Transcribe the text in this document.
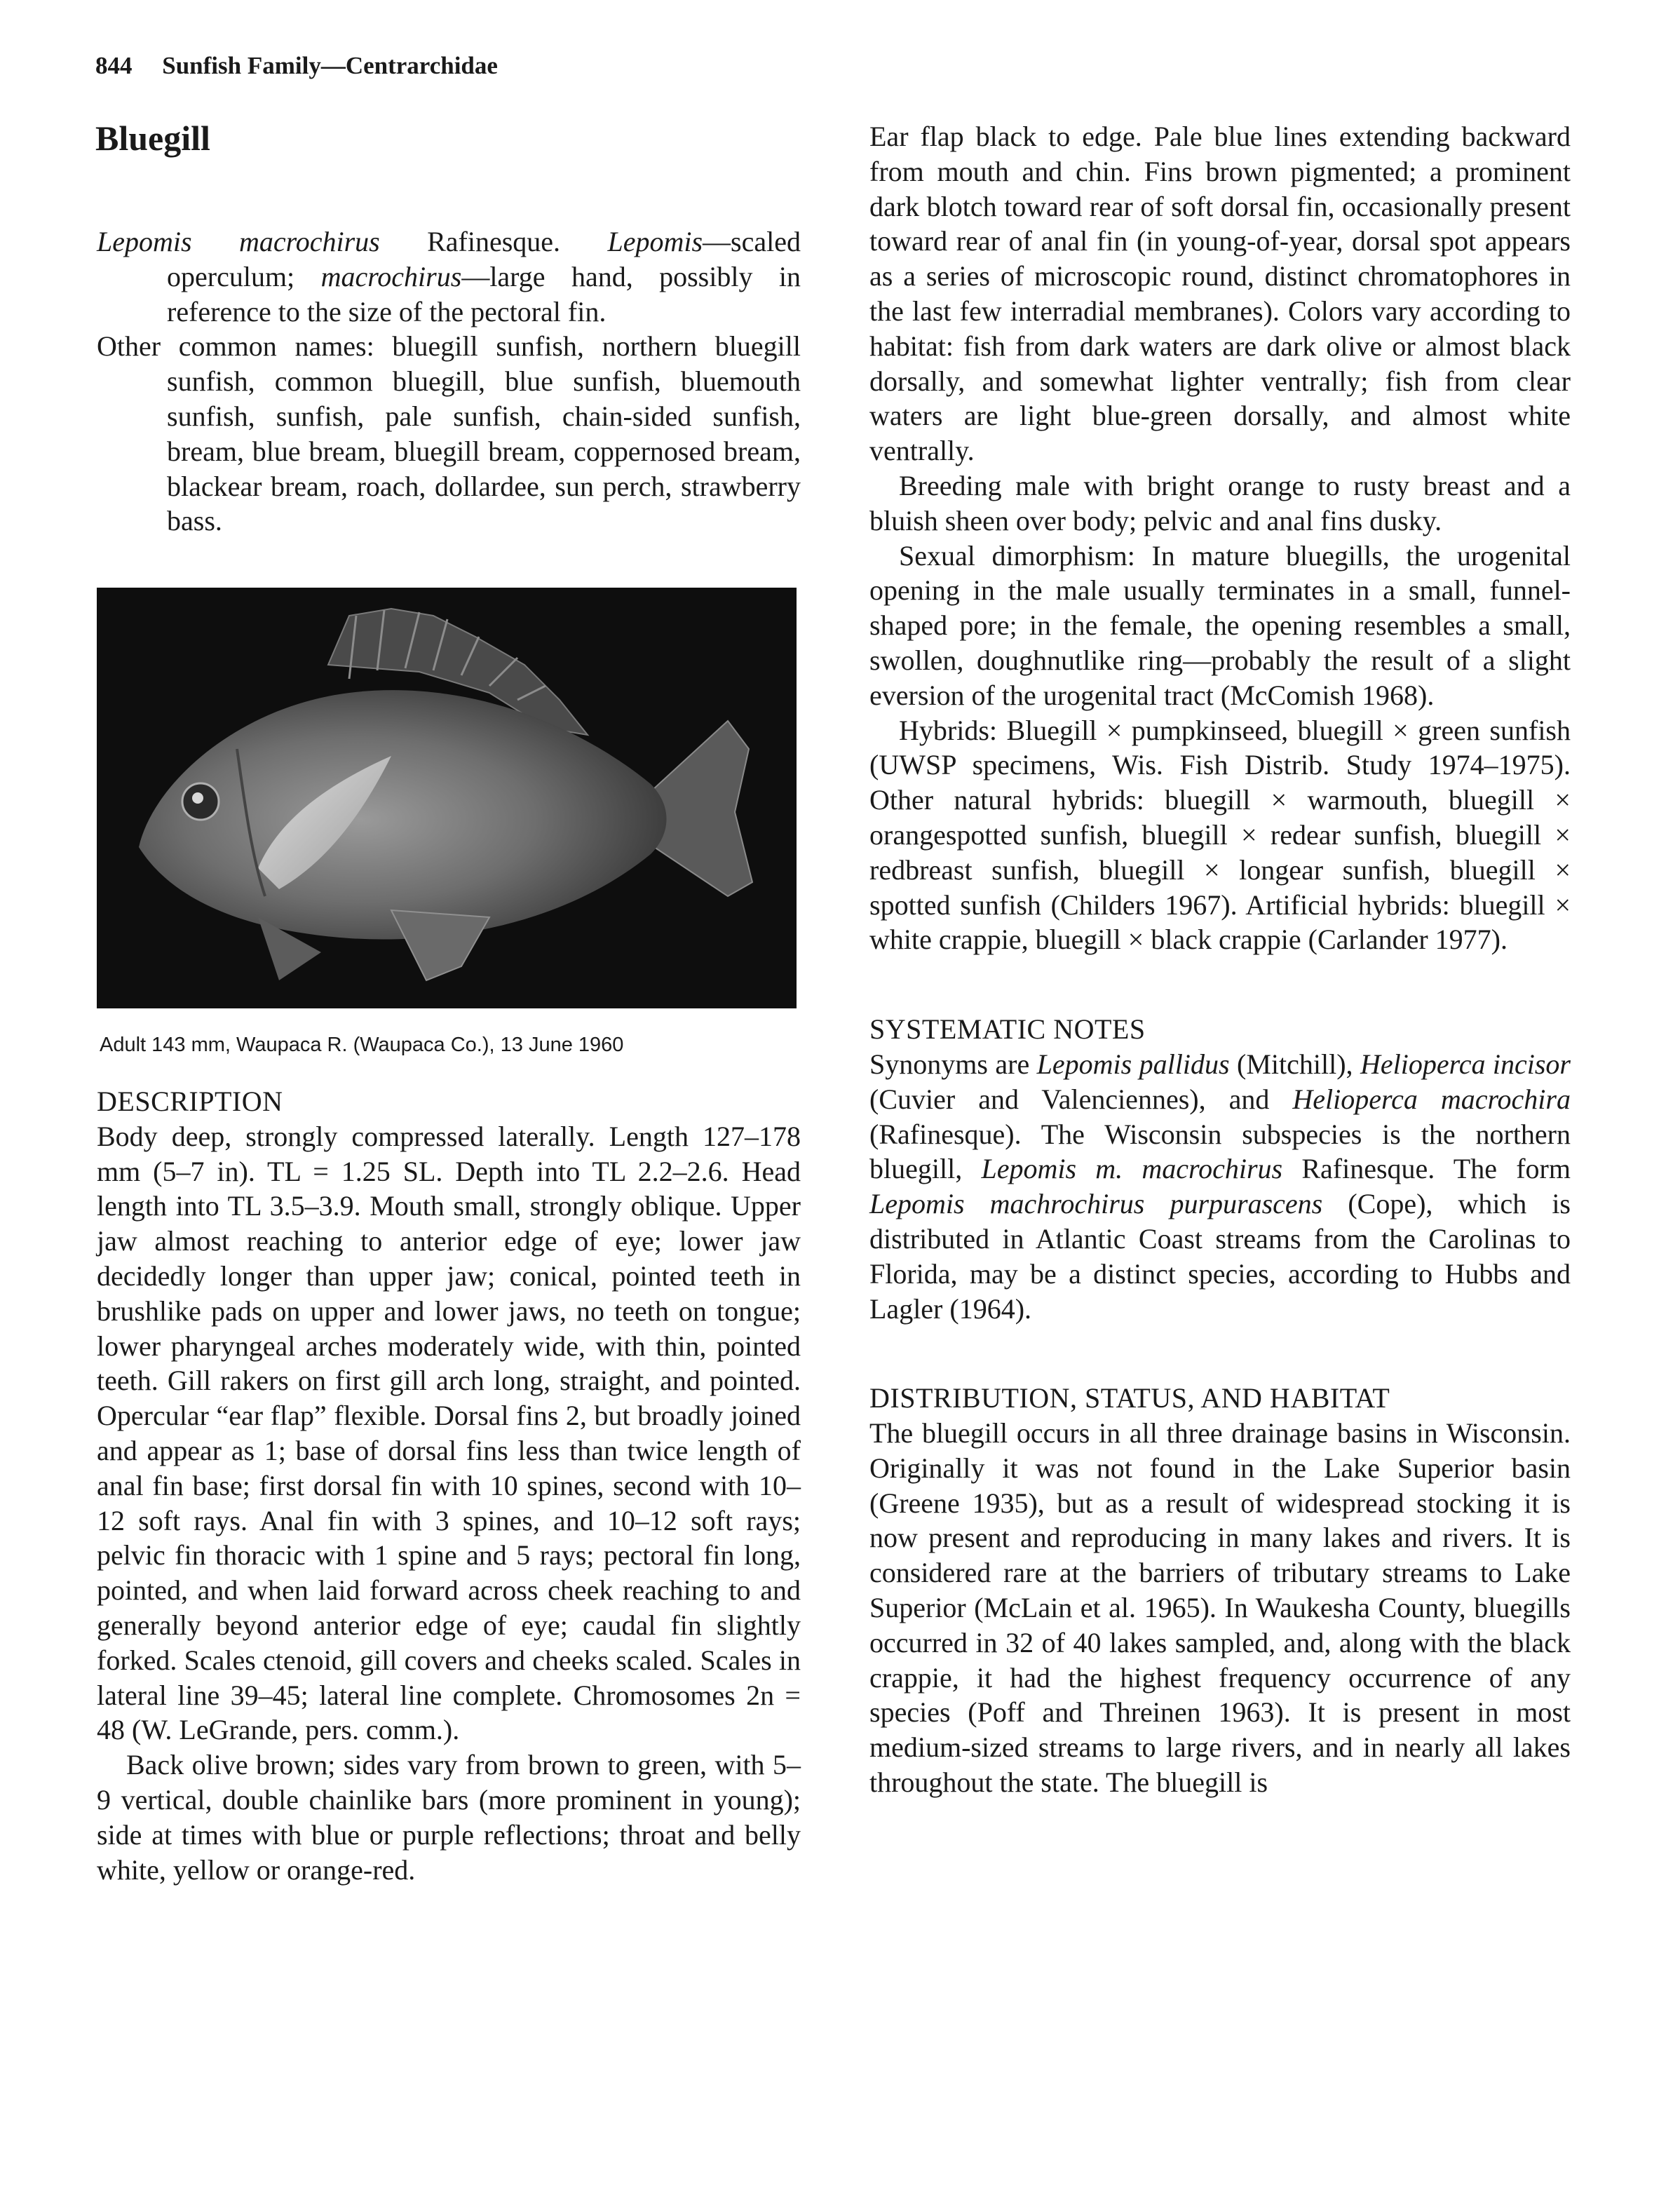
844 Sunfish Family—Centrarchidae
Bluegill

Lepomis macrochirus Rafinesque. Lepomis—scaled operculum; macrochirus—large hand, possibly in reference to the size of the pectoral fin.

Other common names: bluegill sunfish, northern bluegill sunfish, common bluegill, blue sunfish, bluemouth sunfish, sunfish, pale sunfish, chain-sided sunfish, bream, blue bream, bluegill bream, coppernosed bream, blackear bream, roach, dollardee, sun perch, strawberry bass.

Adult 143 mm, Waupaca R. (Waupaca Co.), 13 June 1960

DESCRIPTION

Body deep, strongly compressed laterally. Length 127–178 mm (5–7 in). TL = 1.25 SL. Depth into TL 2.2–2.6. Head length into TL 3.5–3.9. Mouth small, strongly oblique. Upper jaw almost reaching to anterior edge of eye; lower jaw decidedly longer than upper jaw; conical, pointed teeth in brushlike pads on upper and lower jaws, no teeth on tongue; lower pharyngeal arches moderately wide, with thin, pointed teeth. Gill rakers on first gill arch long, straight, and pointed. Opercular “ear flap” flexible. Dorsal fins 2, but broadly joined and appear as 1; base of dorsal fins less than twice length of anal fin base; first dorsal fin with 10 spines, second with 10–12 soft rays. Anal fin with 3 spines, and 10–12 soft rays; pelvic fin thoracic with 1 spine and 5 rays; pectoral fin long, pointed, and when laid forward across cheek reaching to and generally beyond anterior edge of eye; caudal fin slightly forked. Scales ctenoid, gill covers and cheeks scaled. Scales in lateral line 39–45; lateral line complete. Chromosomes 2n = 48 (W. LeGrande, pers. comm.).

Back olive brown; sides vary from brown to green, with 5–9 vertical, double chainlike bars (more prominent in young); side at times with blue or purple reflections; throat and belly white, yellow or orange-red.

Ear flap black to edge. Pale blue lines extending backward from mouth and chin. Fins brown pigmented; a prominent dark blotch toward rear of soft dorsal fin, occasionally present toward rear of anal fin (in young-of-year, dorsal spot appears as a series of microscopic round, distinct chromatophores in the last few interradial membranes). Colors vary according to habitat: fish from dark waters are dark olive or almost black dorsally, and somewhat lighter ventrally; fish from clear waters are light blue-green dorsally, and almost white ventrally.

Breeding male with bright orange to rusty breast and a bluish sheen over body; pelvic and anal fins dusky.

Sexual dimorphism: In mature bluegills, the urogenital opening in the male usually terminates in a small, funnel-shaped pore; in the female, the opening resembles a small, swollen, doughnutlike ring—probably the result of a slight eversion of the urogenital tract (McComish 1968).

Hybrids: Bluegill × pumpkinseed, bluegill × green sunfish (UWSP specimens, Wis. Fish Distrib. Study 1974–1975). Other natural hybrids: bluegill × warmouth, bluegill × orangespotted sunfish, bluegill × redear sunfish, bluegill × redbreast sunfish, bluegill × longear sunfish, bluegill × spotted sunfish (Childers 1967). Artificial hybrids: bluegill × white crappie, bluegill × black crappie (Carlander 1977).

SYSTEMATIC NOTES

Synonyms are Lepomis pallidus (Mitchill), Helioperca incisor (Cuvier and Valenciennes), and Helioperca macrochira (Rafinesque). The Wisconsin subspecies is the northern bluegill, Lepomis m. macrochirus Rafinesque. The form Lepomis machrochirus purpurascens (Cope), which is distributed in Atlantic Coast streams from the Carolinas to Florida, may be a distinct species, according to Hubbs and Lagler (1964).

DISTRIBUTION, STATUS, AND HABITAT

The bluegill occurs in all three drainage basins in Wisconsin. Originally it was not found in the Lake Superior basin (Greene 1935), but as a result of widespread stocking it is now present and reproducing in many lakes and rivers. It is considered rare at the barriers of tributary streams to Lake Superior (McLain et al. 1965). In Waukesha County, bluegills occurred in 32 of 40 lakes sampled, and, along with the black crappie, it had the highest frequency occurrence of any species (Poff and Threinen 1963). It is present in most medium-sized streams to large rivers, and in nearly all lakes throughout the state. The bluegill is
